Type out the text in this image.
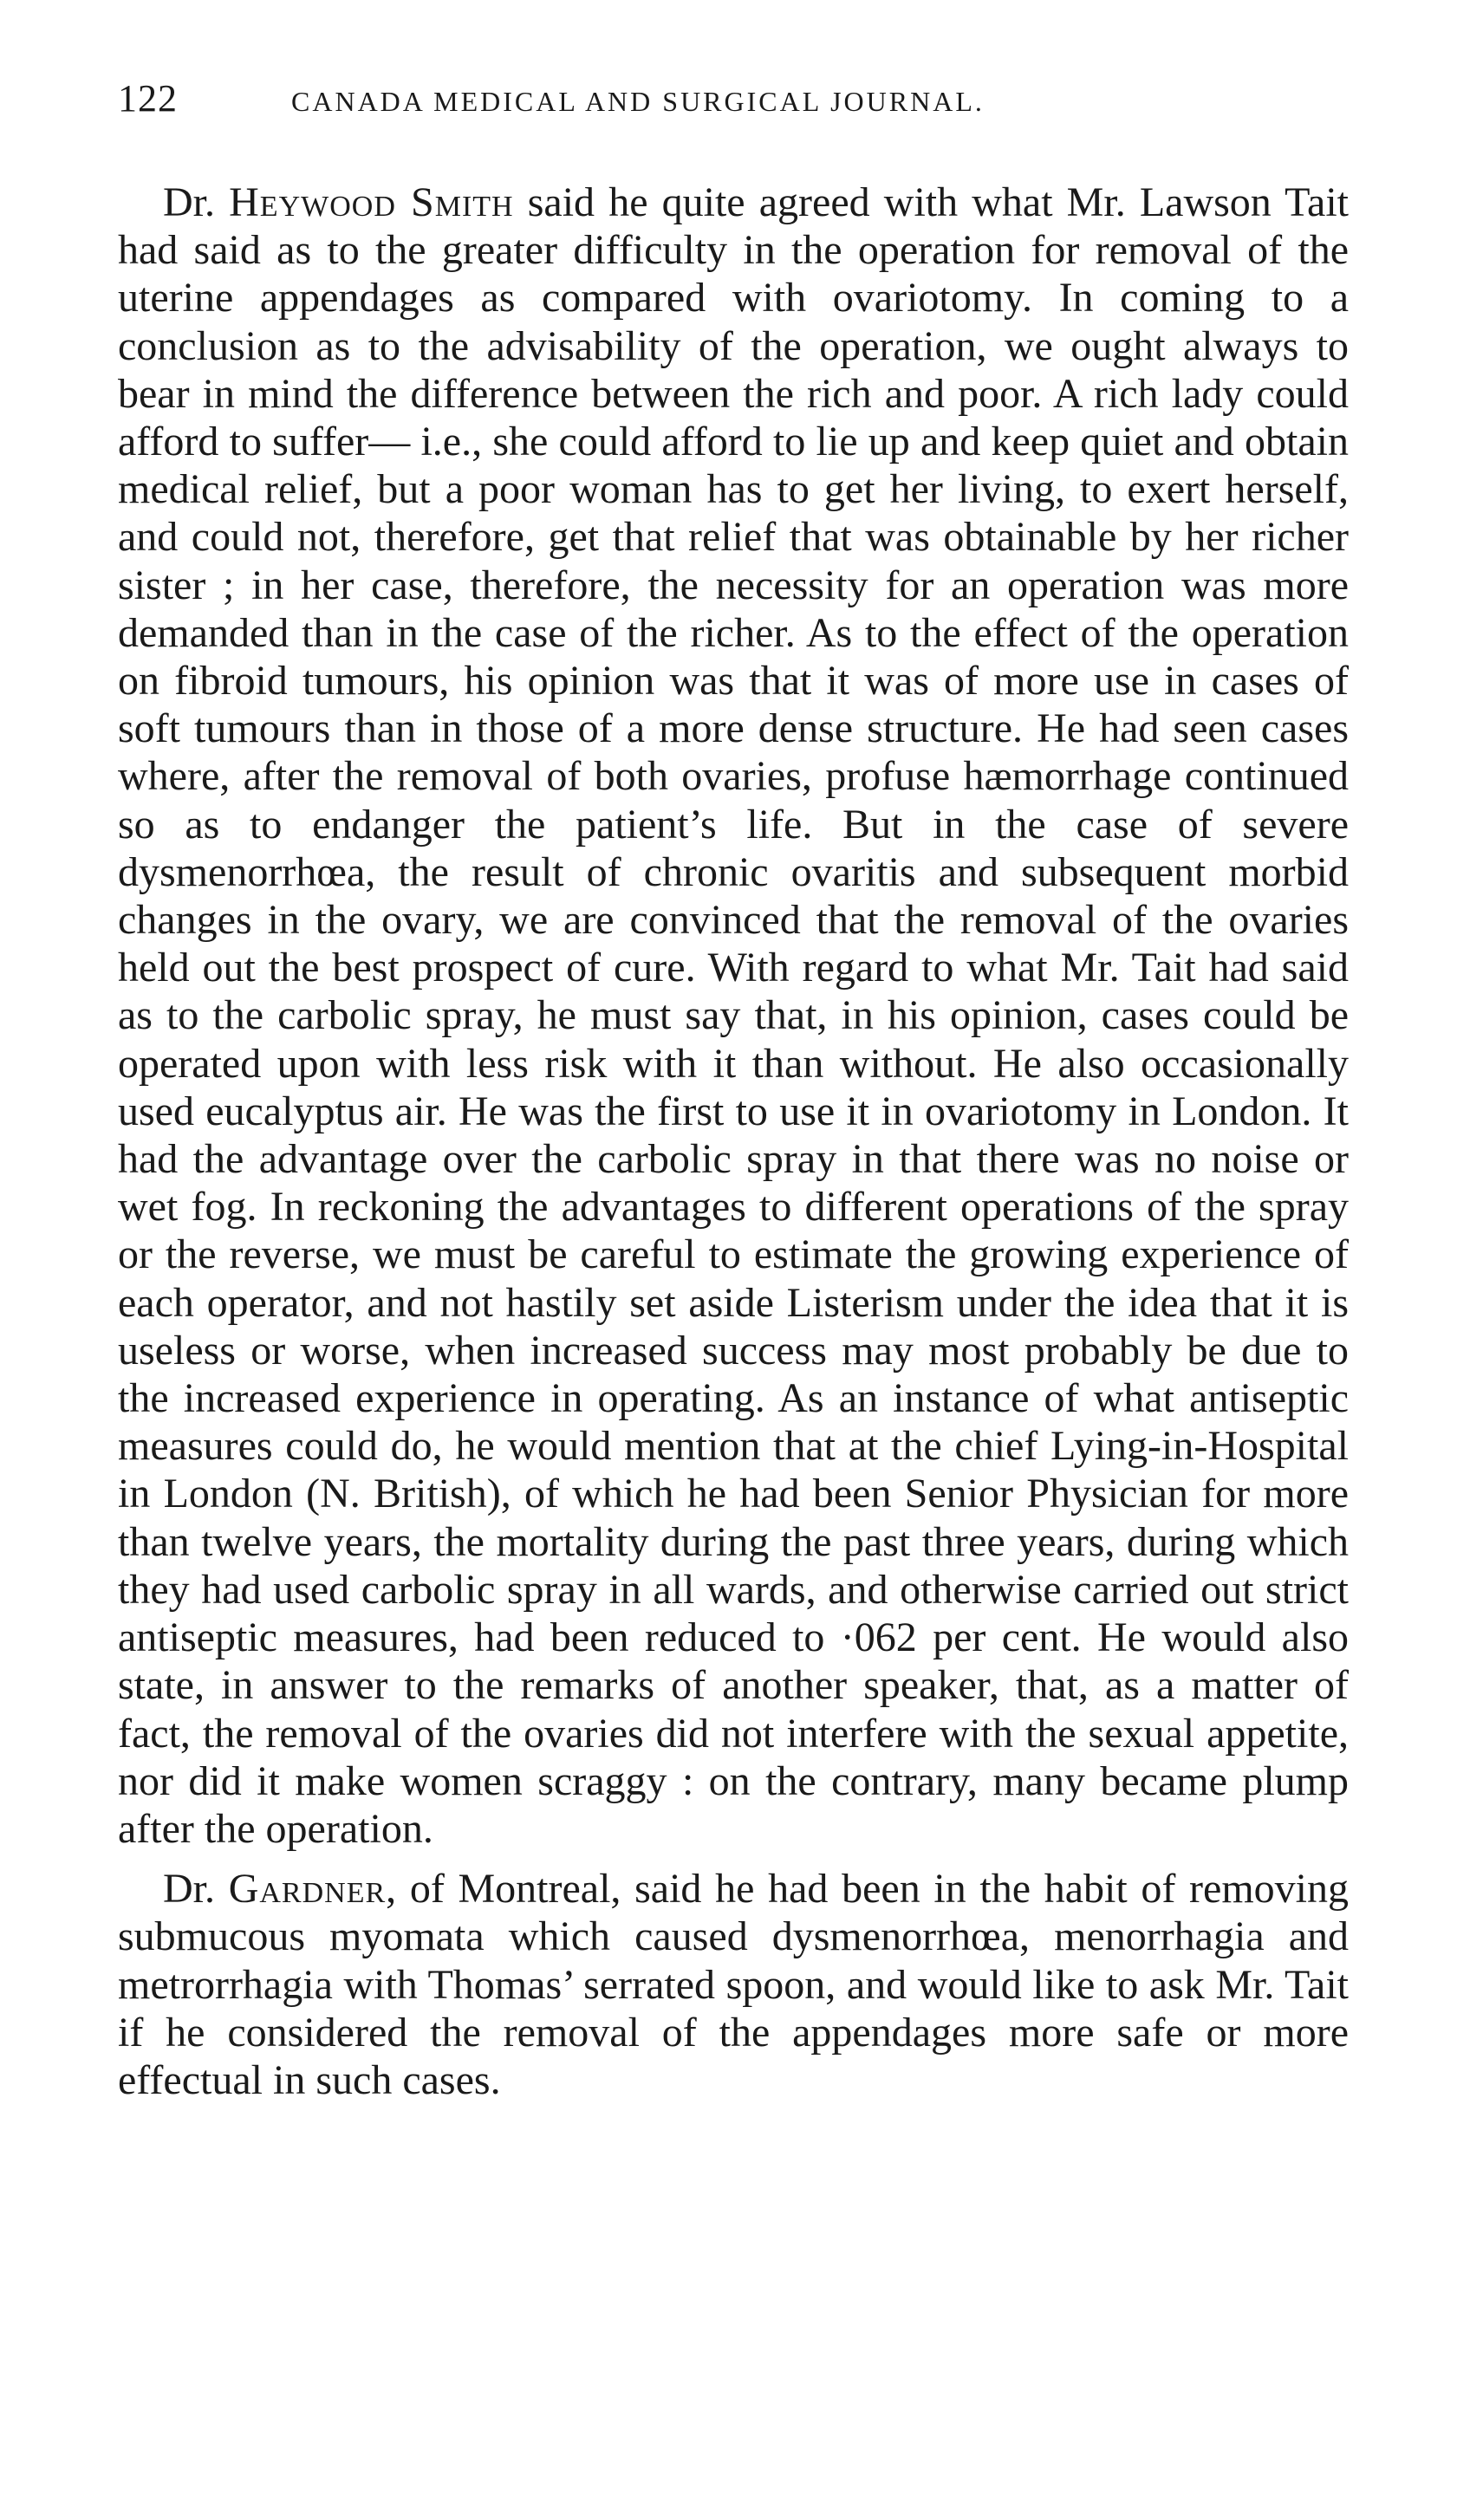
122	CANADA MEDICAL AND SURGICAL JOURNAL.

Dr. Heywood Smith said he quite agreed with what Mr. Lawson Tait had said as to the greater difficulty in the operation for removal of the uterine appendages as compared with ovariotomy. In coming to a conclusion as to the advisability of the operation, we ought always to bear in mind the difference between the rich and poor. A rich lady could afford to suffer— i.e., she could afford to lie up and keep quiet and obtain medical relief, but a poor woman has to get her living, to exert herself, and could not, therefore, get that relief that was obtainable by her richer sister ; in her case, therefore, the necessity for an operation was more demanded than in the case of the richer. As to the effect of the operation on fibroid tumours, his opinion was that it was of more use in cases of soft tumours than in those of a more dense structure. He had seen cases where, after the removal of both ovaries, profuse hæmorrhage continued so as to endanger the patient’s life. But in the case of severe dysmenorrhœa, the result of chronic ovaritis and subsequent morbid changes in the ovary, we are convinced that the removal of the ovaries held out the best prospect of cure. With regard to what Mr. Tait had said as to the carbolic spray, he must say that, in his opinion, cases could be operated upon with less risk with it than without. He also occasionally used eucalyptus air. He was the first to use it in ovariotomy in London. It had the advantage over the carbolic spray in that there was no noise or wet fog. In reckoning the advantages to different operations of the spray or the reverse, we must be careful to estimate the growing experience of each operator, and not hastily set aside Listerism under the idea that it is useless or worse, when increased success may most probably be due to the increased experience in operating. As an instance of what antiseptic measures could do, he would mention that at the chief Lying-in-Hospital in London (N. British), of which he had been Senior Physician for more than twelve years, the mortality during the past three years, during which they had used carbolic spray in all wards, and otherwise carried out strict antiseptic measures, had been reduced to ·062 per cent. He would also state, in answer to the remarks of another speaker, that, as a matter of fact, the removal of the ovaries did not interfere with the sexual appetite, nor did it make women scraggy : on the contrary, many became plump after the operation.

Dr. Gardner, of Montreal, said he had been in the habit of removing submucous myomata which caused dysmenorrhœa, menorrhagia and metrorrhagia with Thomas’ serrated spoon, and would like to ask Mr. Tait if he considered the removal of the appendages more safe or more effectual in such cases.
